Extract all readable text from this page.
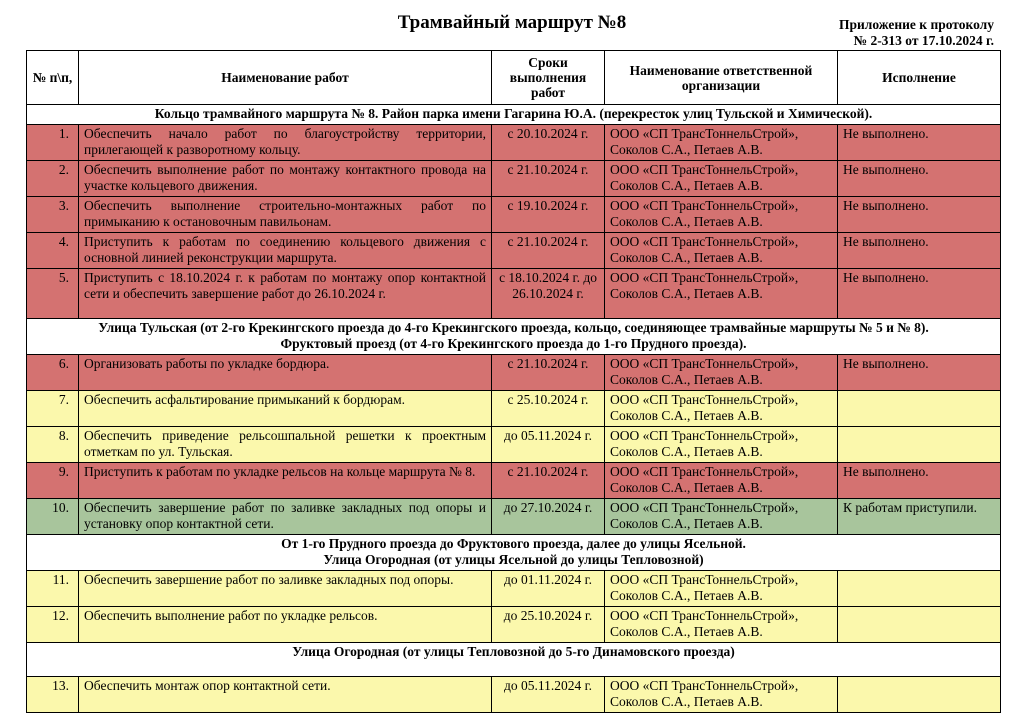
Трамвайный маршрут №8	Приложение к протоколу
№ 2-313 от 17.10.2024 г.
№ п\п,	Наименование работ	Сроки выполнения работ	Наименование ответственной организации	Исполнение

Кольцо трамвайного маршрута № 8. Район парка имени Гагарина Ю.А. (перекресток улиц Тульской и Химической).				

1.	Обеспечить начало работ по благоустройству территории, прилегающей к разворотному кольцу.	с 20.10.2024 г.	ООО «СП ТрансТоннельСтрой»,
Соколов С.А., Петаев А.В.	Не выполнено.
2.	Обеспечить выполнение работ по монтажу контактного провода на участке кольцевого движения.	с 21.10.2024 г.	ООО «СП ТрансТоннельСтрой»,
Соколов С.А., Петаев А.В.	Не выполнено.
3.	Обеспечить выполнение строительно-монтажных работ по примыканию к остановочным павильонам.	с 19.10.2024 г.	ООО «СП ТрансТоннельСтрой»,
Соколов С.А., Петаев А.В.	Не выполнено.
4.	Приступить к работам по соединению кольцевого движения с основной линией реконструкции маршрута.	с 21.10.2024 г.	ООО «СП ТрансТоннельСтрой»,
Соколов С.А., Петаев А.В.	Не выполнено.
5.	Приступить с 18.10.2024 г. к работам по монтажу опор контактной сети и обеспечить завершение работ до 26.10.2024 г.	с 18.10.2024 г. до 26.10.2024 г.	ООО «СП ТрансТоннельСтрой»,
Соколов С.А., Петаев А.В.	Не выполнено.

Улица Тульская (от 2-го Крекингского проезда до 4-го Крекингского проезда, кольцо, соединяющее трамвайные маршруты № 5 и № 8).
Фруктовый проезд (от 4-го Крекингского проезда до 1-го Прудного проезда).				

6.	Организовать работы по укладке бордюра.	с 21.10.2024 г.	ООО «СП ТрансТоннельСтрой»,
Соколов С.А., Петаев А.В.	Не выполнено.
7.	Обеспечить асфальтирование примыканий к бордюрам.	с 25.10.2024 г.	ООО «СП ТрансТоннельСтрой»,
Соколов С.А., Петаев А.В.	

8.	Обеспечить приведение рельсошпальной решетки к проектным отметкам по ул. Тульская.	до 05.11.2024 г.	ООО «СП ТрансТоннельСтрой»,
Соколов С.А., Петаев А.В.	

9.	Приступить к работам по укладке рельсов на кольце маршрута № 8.	с 21.10.2024 г.	ООО «СП ТрансТоннельСтрой»,
Соколов С.А., Петаев А.В.	Не выполнено.
10.	Обеспечить завершение работ по заливке закладных под опоры и установку опор контактной сети.	до 27.10.2024 г.	ООО «СП ТрансТоннельСтрой»,
Соколов С.А., Петаев А.В.	К работам приступили.

От 1-го Прудного проезда до Фруктового проезда, далее до улицы Ясельной.
Улица Огородная (от улицы Ясельной до улицы Тепловозной)				

11.	Обеспечить завершение работ по заливке закладных под опоры.	до 01.11.2024 г.	ООО «СП ТрансТоннельСтрой»,
Соколов С.А., Петаев А.В.	

12.	Обеспечить выполнение работ по укладке рельсов.	до 25.10.2024 г.	ООО «СП ТрансТоннельСтрой»,
Соколов С.А., Петаев А.В.	

Улица Огородная (от улицы Тепловозной до 5-го Динамовского проезда)				

13.	Обеспечить монтаж опор контактной сети.	до 05.11.2024 г.	ООО «СП ТрансТоннельСтрой»,
Соколов С.А., Петаев А.В.	
